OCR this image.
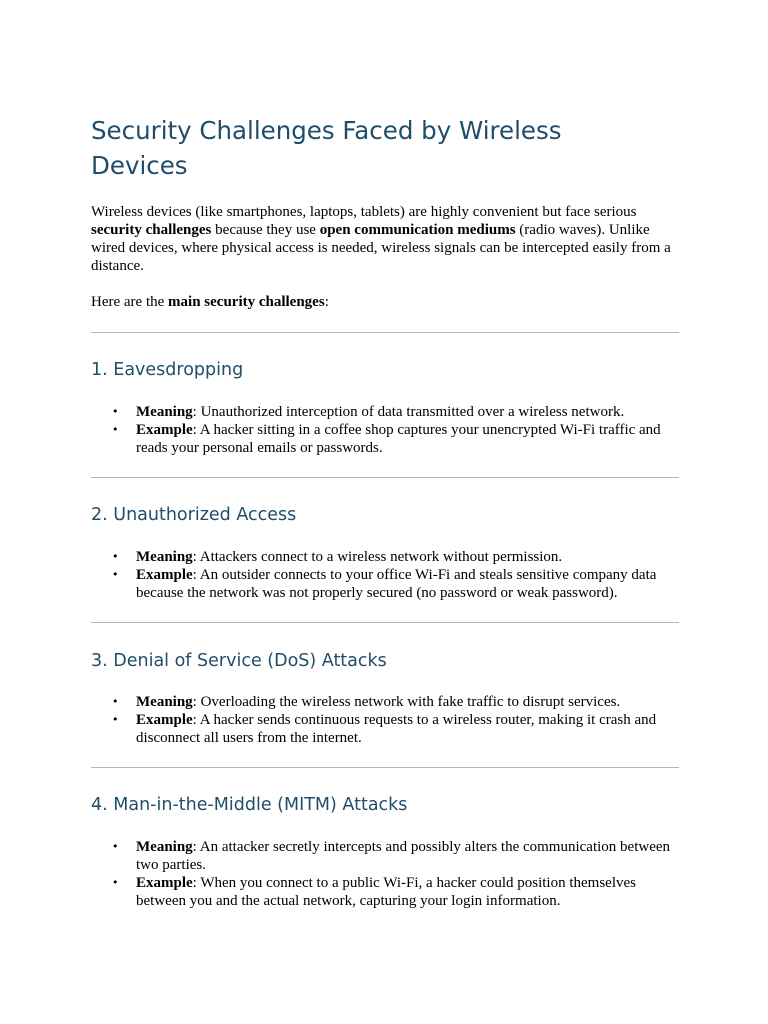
Security Challenges Faced by Wireless Devices

Wireless devices (like smartphones, laptops, tablets) are highly convenient but face serious security challenges because they use open communication mediums (radio waves). Unlike wired devices, where physical access is needed, wireless signals can be intercepted easily from a distance.

Here are the main security challenges:

1. Eavesdropping
• Meaning: Unauthorized interception of data transmitted over a wireless network.
• Example: A hacker sitting in a coffee shop captures your unencrypted Wi-Fi traffic and reads your personal emails or passwords.
2. Unauthorized Access
• Meaning: Attackers connect to a wireless network without permission.
• Example: An outsider connects to your office Wi-Fi and steals sensitive company data because the network was not properly secured (no password or weak password).
3. Denial of Service (DoS) Attacks
• Meaning: Overloading the wireless network with fake traffic to disrupt services.
• Example: A hacker sends continuous requests to a wireless router, making it crash and disconnect all users from the internet.
4. Man-in-the-Middle (MITM) Attacks
• Meaning: An attacker secretly intercepts and possibly alters the communication between two parties.
• Example: When you connect to a public Wi-Fi, a hacker could position themselves between you and the actual network, capturing your login information.
